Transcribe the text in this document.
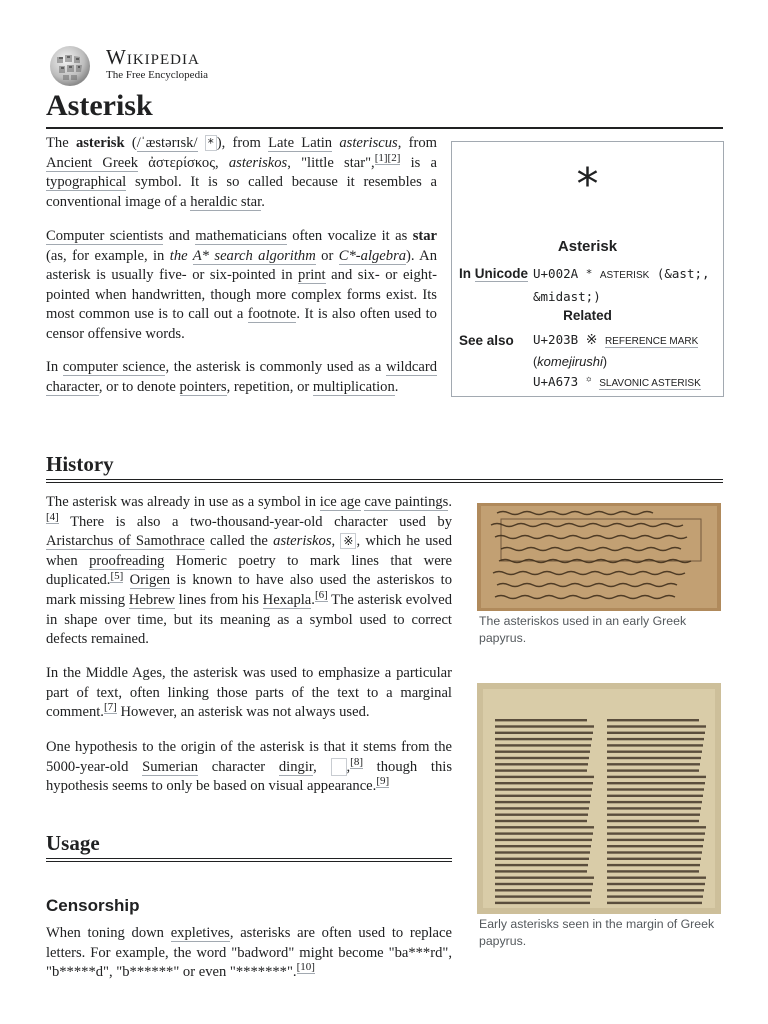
Wikipedia
The Free Encyclopedia
Asterisk

The asterisk (/ˈæstərɪsk/ * ), from Late Latin asteriscus, from Ancient Greek ἀστερίσκος, asteriskos, "little star",[1][2] is a typographical symbol. It is so called because it resembles a conventional image of a heraldic star.

Computer scientists and mathematicians often vocalize it as star (as, for example, in the A* search algorithm or C*-algebra). An asterisk is usually five- or six-pointed in print and six- or eight-pointed when handwritten, though more complex forms exist. Its most common use is to call out a footnote. It is also often used to censor offensive words.

In computer science, the asterisk is commonly used as a wildcard character, or to denote pointers, repetition, or multiplication.

*
Asterisk
In Unicode U+002A * ASTERISK (&ast;,
&midast;)
Related
See also U+203B ※ REFERENCE MARK
(komejirushi)
U+A673 ꙳ SLAVONIC ASTERISK
History

The asterisk was already in use as a symbol in ice age cave paintings.[4] There is also a two-thousand-year-old character used by Aristarchus of Samothrace called the asteriskos, ※ , which he used when proofreading Homeric poetry to mark lines that were duplicated.[5] Origen is known to have also used the asteriskos to mark missing Hebrew lines from his Hexapla.[6] The asterisk evolved in shape over time, but its meaning as a symbol used to correct defects remained.

In the Middle Ages, the asterisk was used to emphasize a particular part of text, often linking those parts of the text to a marginal comment.[7] However, an asterisk was not always used.

One hypothesis to the origin of the asterisk is that it stems from the 5000-year-old Sumerian character dingir, ,[8] though this hypothesis seems to only be based on visual appearance.[9]

The asteriskos used in an early Greek papyrus.
Early asterisks seen in the margin of Greek papyrus.
Usage
Censorship

When toning down expletives, asterisks are often used to replace letters. For example, the word "badword" might become "ba***rd", "b*****d", "b******" or even "*******".[10]
